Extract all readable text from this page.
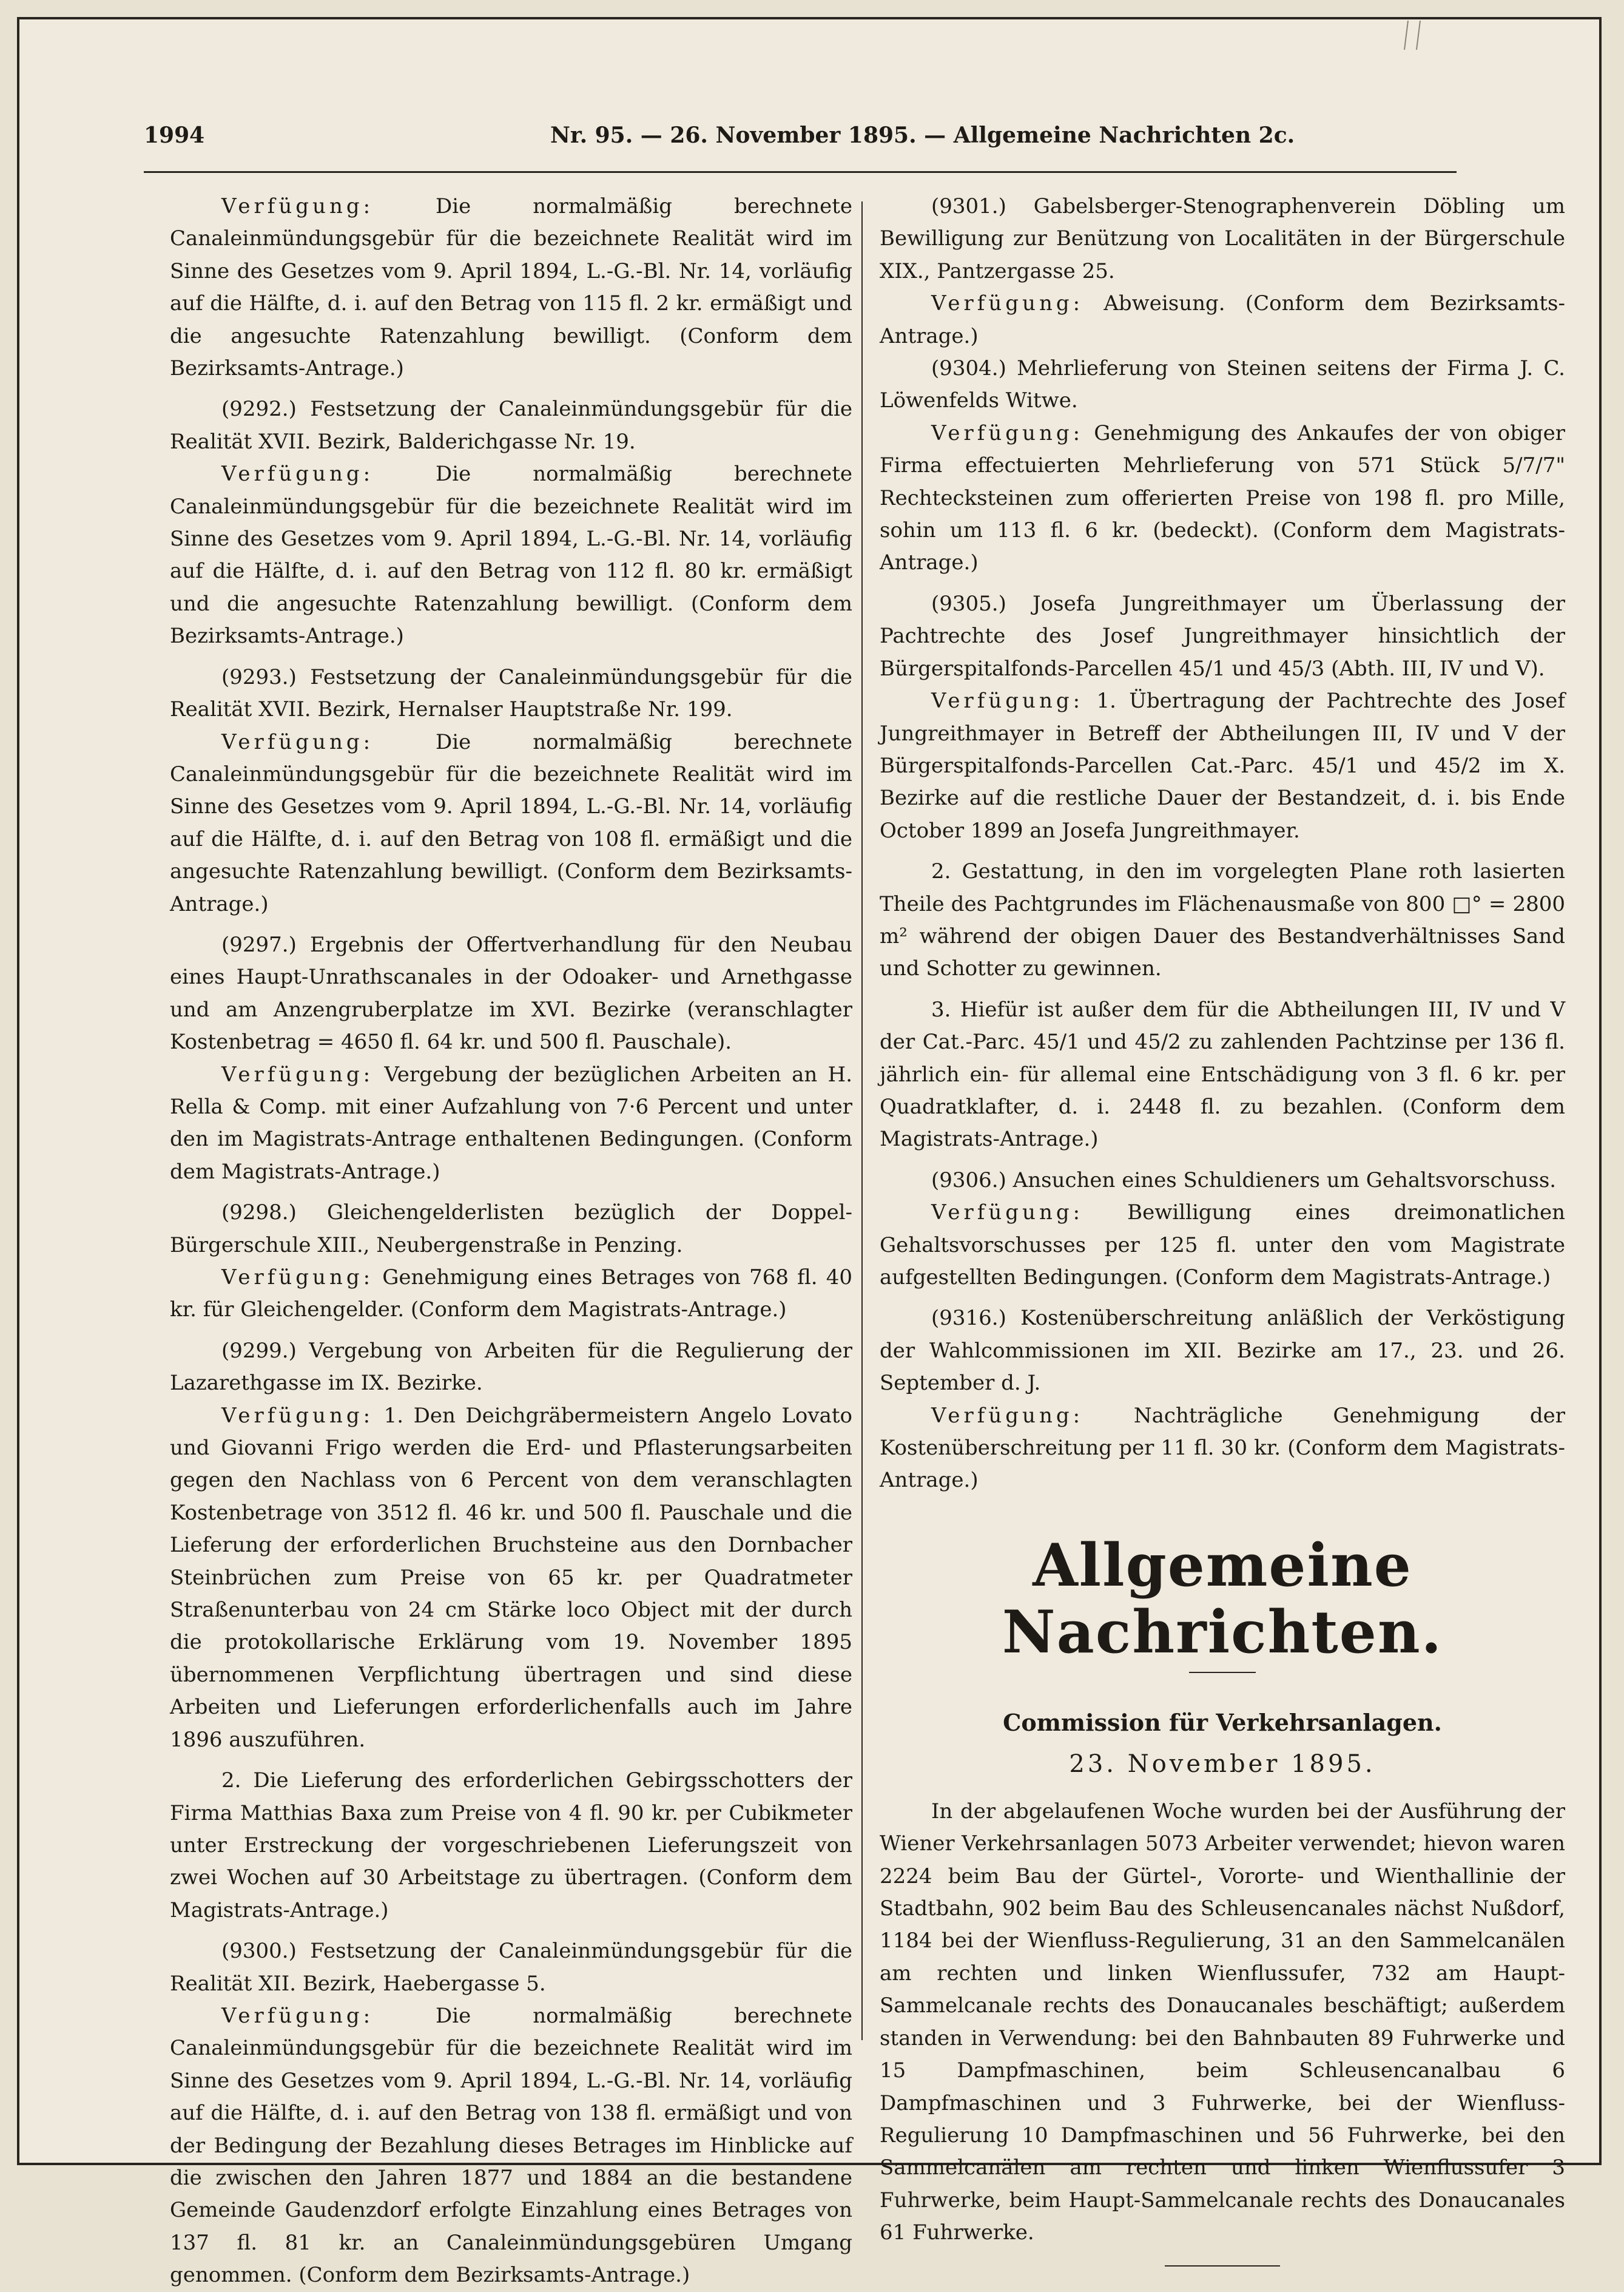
1994	Nr. 95. — 26. November 1895. — Allgemeine Nachrichten 2c.

Verfügung:	Die normalmäßig berechnete Canaleinmündungsgebür für die bezeichnete Realität wird im Sinne des Gesetzes vom 9. April 1894, L.-G.-Bl. Nr. 14, vorläufig auf die Hälfte, d. i. auf den Betrag von 115 fl. 2 kr. ermäßigt und die angesuchte Ratenzahlung bewilligt. (Conform dem Bezirksamts-Antrage.)

(9292.) Festsetzung der Canaleinmündungsgebür für die Realität XVII. Bezirk, Balderichgasse Nr. 19.

Verfügung:	Die normalmäßig berechnete Canaleinmündungsgebür für die bezeichnete Realität wird im Sinne des Gesetzes vom 9. April 1894, L.-G.-Bl. Nr. 14, vorläufig auf die Hälfte, d. i. auf den Betrag von 112 fl. 80 kr. ermäßigt und die angesuchte Ratenzahlung bewilligt. (Conform dem Bezirksamts-Antrage.)

(9293.) Festsetzung der Canaleinmündungsgebür für die Realität XVII. Bezirk, Hernalser Hauptstraße Nr. 199.

Verfügung:	Die normalmäßig berechnete Canaleinmündungsgebür für die bezeichnete Realität wird im Sinne des Gesetzes vom 9. April 1894, L.-G.-Bl. Nr. 14, vorläufig auf die Hälfte, d. i. auf den Betrag von 108 fl. ermäßigt und die angesuchte Ratenzahlung bewilligt. (Conform dem Bezirksamts-Antrage.)

(9297.) Ergebnis der Offertverhandlung für den Neubau eines Haupt-Unrathscanales in der Odoaker- und Arnethgasse und am Anzengruberplatze im XVI. Bezirke (veranschlagter Kostenbetrag = 4650 fl. 64 kr. und 500 fl. Pauschale).

Verfügung: Vergebung der bezüglichen Arbeiten an H. Rella & Comp. mit einer Aufzahlung von 7·6 Percent und unter den im Magistrats-Antrage enthaltenen Bedingungen. (Conform dem Magistrats-Antrage.)

(9298.) Gleichengelderlisten bezüglich der Doppel-Bürgerschule XIII., Neubergenstraße in Penzing.

Verfügung: Genehmigung eines Betrages von 768 fl. 40 kr. für Gleichengelder. (Conform dem Magistrats-Antrage.)

(9299.) Vergebung von Arbeiten für die Regulierung der Lazarethgasse im IX. Bezirke.

Verfügung: 1. Den Deichgräbermeistern Angelo Lovato und Giovanni Frigo werden die Erd- und Pflasterungsarbeiten gegen den Nachlass von 6 Percent von dem veranschlagten Kostenbetrage von 3512 fl. 46 kr. und 500 fl. Pauschale und die Lieferung der erforderlichen Bruchsteine aus den Dornbacher Steinbrüchen zum Preise von 65 kr. per Quadratmeter Straßenunterbau von 24 cm Stärke loco Object mit der durch die protokollarische Erklärung vom 19. November 1895 übernommenen Verpflichtung übertragen und sind diese Arbeiten und Lieferungen erforderlichenfalls auch im Jahre 1896 auszuführen.

2. Die Lieferung des erforderlichen Gebirgsschotters der Firma Matthias Baxa zum Preise von 4 fl. 90 kr. per Cubikmeter unter Erstreckung der vorgeschriebenen Lieferungszeit von zwei Wochen auf 30 Arbeitstage zu übertragen. (Conform dem Magistrats-Antrage.)

(9300.) Festsetzung der Canaleinmündungsgebür für die Realität XII. Bezirk, Haebergasse 5.

Verfügung:	Die normalmäßig berechnete Canaleinmündungsgebür für die bezeichnete Realität wird im Sinne des Gesetzes vom 9. April 1894, L.-G.-Bl. Nr. 14, vorläufig auf die Hälfte, d. i. auf den Betrag von 138 fl. ermäßigt und von der Bedingung der Bezahlung dieses Betrages im Hinblicke auf die zwischen den Jahren 1877 und 1884 an die bestandene Gemeinde Gaudenzdorf erfolgte Einzahlung eines Betrages von 137 fl. 81 kr. an Canaleinmündungsgebüren Umgang genommen. (Conform dem Bezirksamts-Antrage.)

(9301.) Gabelsberger-Stenographenverein Döbling um Bewilligung zur Benützung von Localitäten in der Bürgerschule XIX., Pantzergasse 25.

Verfügung: Abweisung. (Conform dem Bezirksamts-Antrage.)

(9304.) Mehrlieferung von Steinen seitens der Firma J. C. Löwenfelds Witwe.

Verfügung: Genehmigung des Ankaufes der von obiger Firma effectuierten Mehrlieferung von 571 Stück 5/7/7" Rechtecksteinen zum offerierten Preise von 198 fl. pro Mille, sohin um 113 fl. 6 kr. (bedeckt). (Conform dem Magistrats-Antrage.)

(9305.) Josefa Jungreithmayer um Überlassung der Pachtrechte des Josef Jungreithmayer hinsichtlich der Bürgerspitalfonds-Parcellen 45/1 und 45/3 (Abth. III, IV und V).

Verfügung: 1. Übertragung der Pachtrechte des Josef Jungreithmayer in Betreff der Abtheilungen III, IV und V der Bürgerspitalfonds-Parcellen Cat.-Parc. 45/1 und 45/2 im X. Bezirke auf die restliche Dauer der Bestandzeit, d. i. bis Ende October 1899 an Josefa Jungreithmayer.

2. Gestattung, in den im vorgelegten Plane roth lasierten Theile des Pachtgrundes im Flächenausmaße von 800 □° = 2800 m² während der obigen Dauer des Bestandverhältnisses Sand und Schotter zu gewinnen.

3. Hiefür ist außer dem für die Abtheilungen III, IV und V der Cat.-Parc. 45/1 und 45/2 zu zahlenden Pachtzinse per 136 fl. jährlich ein- für allemal eine Entschädigung von 3 fl. 6 kr. per Quadratklafter, d. i. 2448 fl. zu bezahlen. (Conform dem Magistrats-Antrage.)

(9306.) Ansuchen eines Schuldieners um Gehaltsvorschuss.

Verfügung: Bewilligung eines dreimonatlichen Gehaltsvorschusses per 125 fl. unter den vom Magistrate aufgestellten Bedingungen. (Conform dem Magistrats-Antrage.)

(9316.) Kostenüberschreitung anläßlich der Verköstigung der Wahlcommissionen im XII. Bezirke am 17., 23. und 26. September d. J.

Verfügung: Nachträgliche Genehmigung der Kostenüberschreitung per 11 fl. 30 kr. (Conform dem Magistrats-Antrage.)

Allgemeine Nachrichten.
Commission für Verkehrsanlagen.
23. November 1895.

In der abgelaufenen Woche wurden bei der Ausführung der Wiener Verkehrsanlagen 5073 Arbeiter verwendet; hievon waren 2224 beim Bau der Gürtel-, Vororte- und Wienthallinie der Stadtbahn, 902 beim Bau des Schleusencanales nächst Nußdorf, 1184 bei der Wienfluss-Regulierung, 31 an den Sammelcanälen am rechten und linken Wienflussufer, 732 am Haupt-Sammelcanale rechts des Donaucanales beschäftigt; außerdem standen in Verwendung: bei den Bahnbauten 89 Fuhrwerke und 15 Dampfmaschinen, beim Schleusencanalbau 6 Dampfmaschinen und 3 Fuhrwerke, bei der Wienfluss-Regulierung 10 Dampfmaschinen und 56 Fuhrwerke, bei den Sammelcanälen am rechten und linken Wienflussufer 3 Fuhrwerke, beim Haupt-Sammelcanale rechts des Donaucanales 61 Fuhrwerke.
